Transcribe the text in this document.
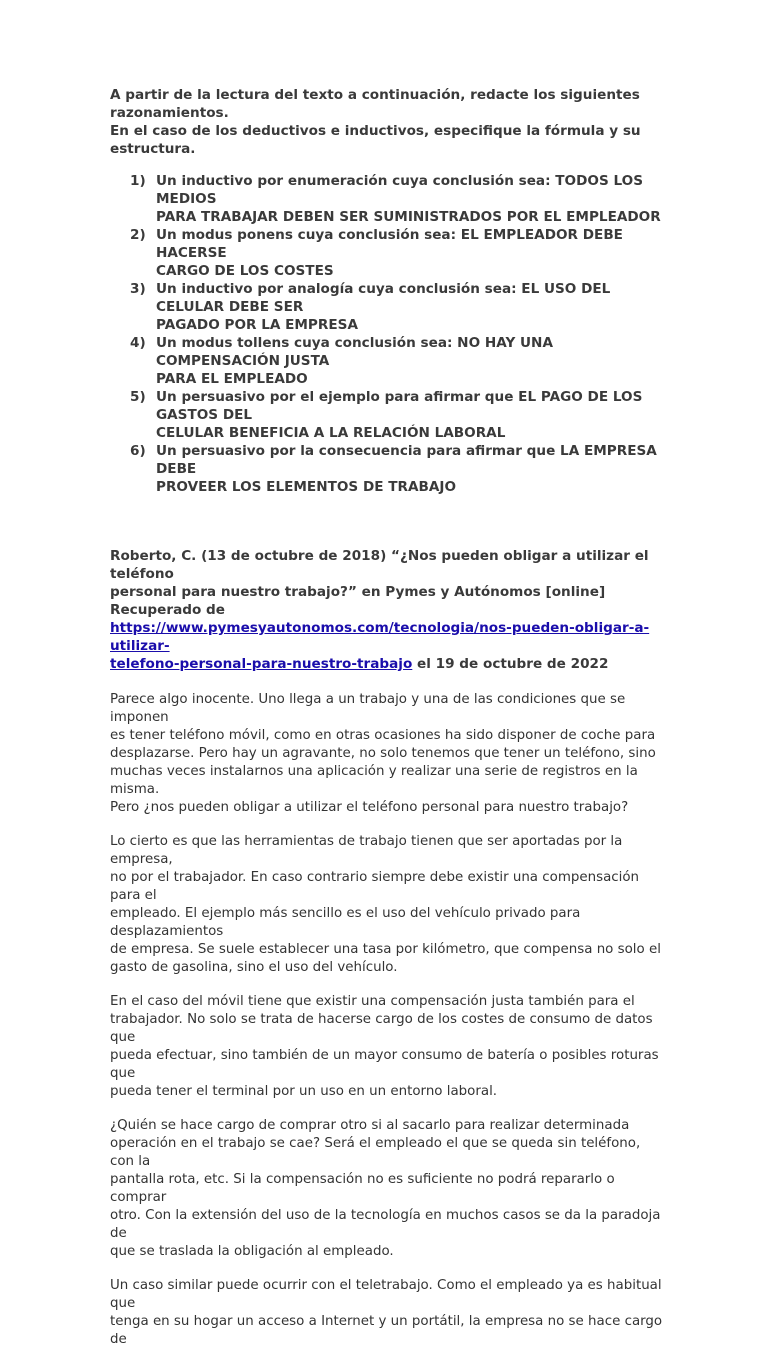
A partir de la lectura del texto a continuación, redacte los siguientes razonamientos.
En el caso de los deductivos e inductivos, especifique la fórmula y su estructura.

1) Un inductivo por enumeración cuya conclusión sea: TODOS LOS MEDIOS
PARA TRABAJAR DEBEN SER SUMINISTRADOS POR EL EMPLEADOR
2) Un modus ponens cuya conclusión sea: EL EMPLEADOR DEBE HACERSE
CARGO DE LOS COSTES
3) Un inductivo por analogía cuya conclusión sea: EL USO DEL CELULAR DEBE SER
PAGADO POR LA EMPRESA
4) Un modus tollens cuya conclusión sea: NO HAY UNA COMPENSACIÓN JUSTA
PARA EL EMPLEADO
5) Un persuasivo por el ejemplo para afirmar que EL PAGO DE LOS GASTOS DEL
CELULAR BENEFICIA A LA RELACIÓN LABORAL
6) Un persuasivo por la consecuencia para afirmar que LA EMPRESA DEBE
PROVEER LOS ELEMENTOS DE TRABAJO

Roberto, C. (13 de octubre de 2018) “¿Nos pueden obligar a utilizar el teléfono
personal para nuestro trabajo?” en Pymes y Autónomos [online] Recuperado de
https://www.pymesyautonomos.com/tecnologia/nos-pueden-obligar-a-utilizar-
telefono-personal-para-nuestro-trabajo el 19 de octubre de 2022

Parece algo inocente. Uno llega a un trabajo y una de las condiciones que se imponen
es tener teléfono móvil, como en otras ocasiones ha sido disponer de coche para
desplazarse. Pero hay un agravante, no solo tenemos que tener un teléfono, sino
muchas veces instalarnos una aplicación y realizar una serie de registros en la misma.
Pero ¿nos pueden obligar a utilizar el teléfono personal para nuestro trabajo?

Lo cierto es que las herramientas de trabajo tienen que ser aportadas por la empresa,
no por el trabajador. En caso contrario siempre debe existir una compensación para el
empleado. El ejemplo más sencillo es el uso del vehículo privado para desplazamientos
de empresa. Se suele establecer una tasa por kilómetro, que compensa no solo el
gasto de gasolina, sino el uso del vehículo.

En el caso del móvil tiene que existir una compensación justa también para el
trabajador. No solo se trata de hacerse cargo de los costes de consumo de datos que
pueda efectuar, sino también de un mayor consumo de batería o posibles roturas que
pueda tener el terminal por un uso en un entorno laboral.

¿Quién se hace cargo de comprar otro si al sacarlo para realizar determinada
operación en el trabajo se cae? Será el empleado el que se queda sin teléfono, con la
pantalla rota, etc. Si la compensación no es suficiente no podrá repararlo o comprar
otro. Con la extensión del uso de la tecnología en muchos casos se da la paradoja de
que se traslada la obligación al empleado.

Un caso similar puede ocurrir con el teletrabajo. Como el empleado ya es habitual que
tenga en su hogar un acceso a Internet y un portátil, la empresa no se hace cargo de
